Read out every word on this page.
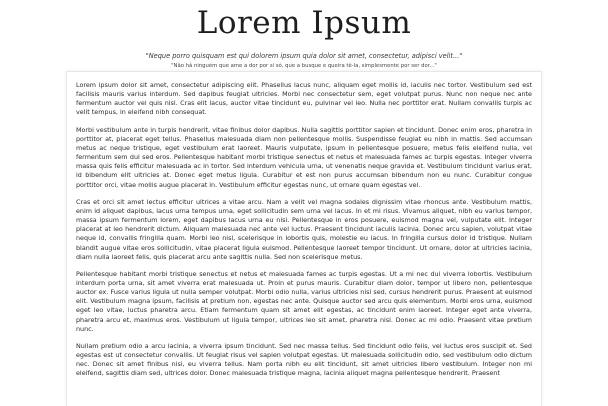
Lorem Ipsum
"Neque porro quisquam est qui dolorem ipsum quia dolor sit amet, consectetur, adipisci velit..."
"Não há ninguém que ame a dor por si só, que a busque e queira tê-la, simplesmente por ser dor..."

Lorem ipsum dolor sit amet, consectetur adipiscing elit. Phasellus lacus nunc, aliquam eget mollis id, iaculis nec tortor. Vestibulum sed est facilisis mauris varius interdum. Sed dapibus feugiat ultricies. Morbi nec consectetur sem, eget volutpat purus. Nunc non neque nec ante fermentum auctor vel quis nisl. Cras elit lacus, auctor vitae tincidunt eu, pulvinar vel leo. Nulla nec porttitor erat. Nullam convallis turpis ac velit tempus, in eleifend nibh consequat.

Morbi vestibulum ante in turpis hendrerit, vitae finibus dolor dapibus. Nulla sagittis porttitor sapien et tincidunt. Donec enim eros, pharetra in porttitor at, placerat eget tellus. Phasellus malesuada diam non pellentesque mollis. Suspendisse feugiat eu nibh in mattis. Sed accumsan metus ac neque tristique, eget vestibulum erat laoreet. Mauris vulputate, ipsum in pellentesque posuere, metus felis eleifend nulla, vel fermentum sem dui sed eros. Pellentesque habitant morbi tristique senectus et netus et malesuada fames ac turpis egestas. Integer viverra massa quis felis efficitur malesuada ac in tortor. Sed interdum vehicula urna, ut venenatis neque gravida et. Vestibulum tincidunt varius erat, id bibendum elit ultricies at. Donec eget metus ligula. Curabitur et est non purus accumsan bibendum non eu nunc. Curabitur congue porttitor orci, vitae mollis augue placerat in. Vestibulum efficitur egestas nunc, ut ornare quam egestas vel.

Cras et orci sit amet lectus efficitur ultrices a vitae arcu. Nam a velit vel magna sodales dignissim vitae rhoncus ante. Vestibulum mattis, enim id aliquet dapibus, lacus urna tempus urna, eget sollicitudin sem urna vel lacus. In et mi risus. Vivamus aliquet, nibh eu varius tempor, massa ipsum fermentum lorem, eget dapibus lacus urna eu nisi. Pellentesque in eros posuere, euismod magna vel, vulputate elit. Integer placerat at leo hendrerit dictum. Aliquam malesuada nec ante vel luctus. Praesent tincidunt iaculis lacinia. Donec arcu sapien, volutpat vitae neque id, convallis fringilla quam. Morbi leo nisl, scelerisque in lobortis quis, molestie eu lacus. In fringilla cursus dolor id tristique. Nullam blandit augue vitae eros sollicitudin, vitae placerat ligula euismod. Pellentesque laoreet tempor tincidunt. Ut ornare, dolor at ultricies lacinia, diam nulla laoreet felis, quis placerat arcu ante sagittis nulla. Sed non scelerisque metus.

Pellentesque habitant morbi tristique senectus et netus et malesuada fames ac turpis egestas. Ut a mi nec dui viverra lobortis. Vestibulum interdum porta urna, sit amet viverra erat malesuada ut. Proin et purus mauris. Curabitur diam dolor, tempor ut libero non, pellentesque auctor ex. Fusce varius ligula ut nulla semper volutpat. Morbi odio nulla, varius ultricies nisl sed, cursus hendrerit purus. Praesent at euismod elit. Vestibulum magna ipsum, facilisis at pretium non, egestas nec ante. Quisque auctor sed arcu quis elementum. Morbi eros urna, euismod eget leo vitae, luctus pharetra arcu. Etiam fermentum quam sit amet elit egestas, ac tincidunt enim laoreet. Integer eget ante viverra, pharetra arcu et, maximus eros. Vestibulum ut ligula tempor, ultrices leo sit amet, pharetra nisl. Donec ac mi odio. Praesent vitae pretium nunc.

Nullam pretium odio a arcu lacinia, a viverra ipsum tincidunt. Sed nec massa tellus. Sed tincidunt odio felis, vel luctus eros suscipit et. Sed egestas est ut consectetur convallis. Ut feugiat risus vel sapien volutpat egestas. Ut malesuada sollicitudin odio, sed vestibulum odio dictum nec. Donec sit amet finibus nisi, eu viverra tellus. Nam porta nibh eu elit tincidunt, sit amet ultricies libero vestibulum. Integer non mi eleifend, sagittis diam sed, ultrices dolor. Donec malesuada tristique magna, lacinia aliquet magna pellentesque hendrerit. Praesent
